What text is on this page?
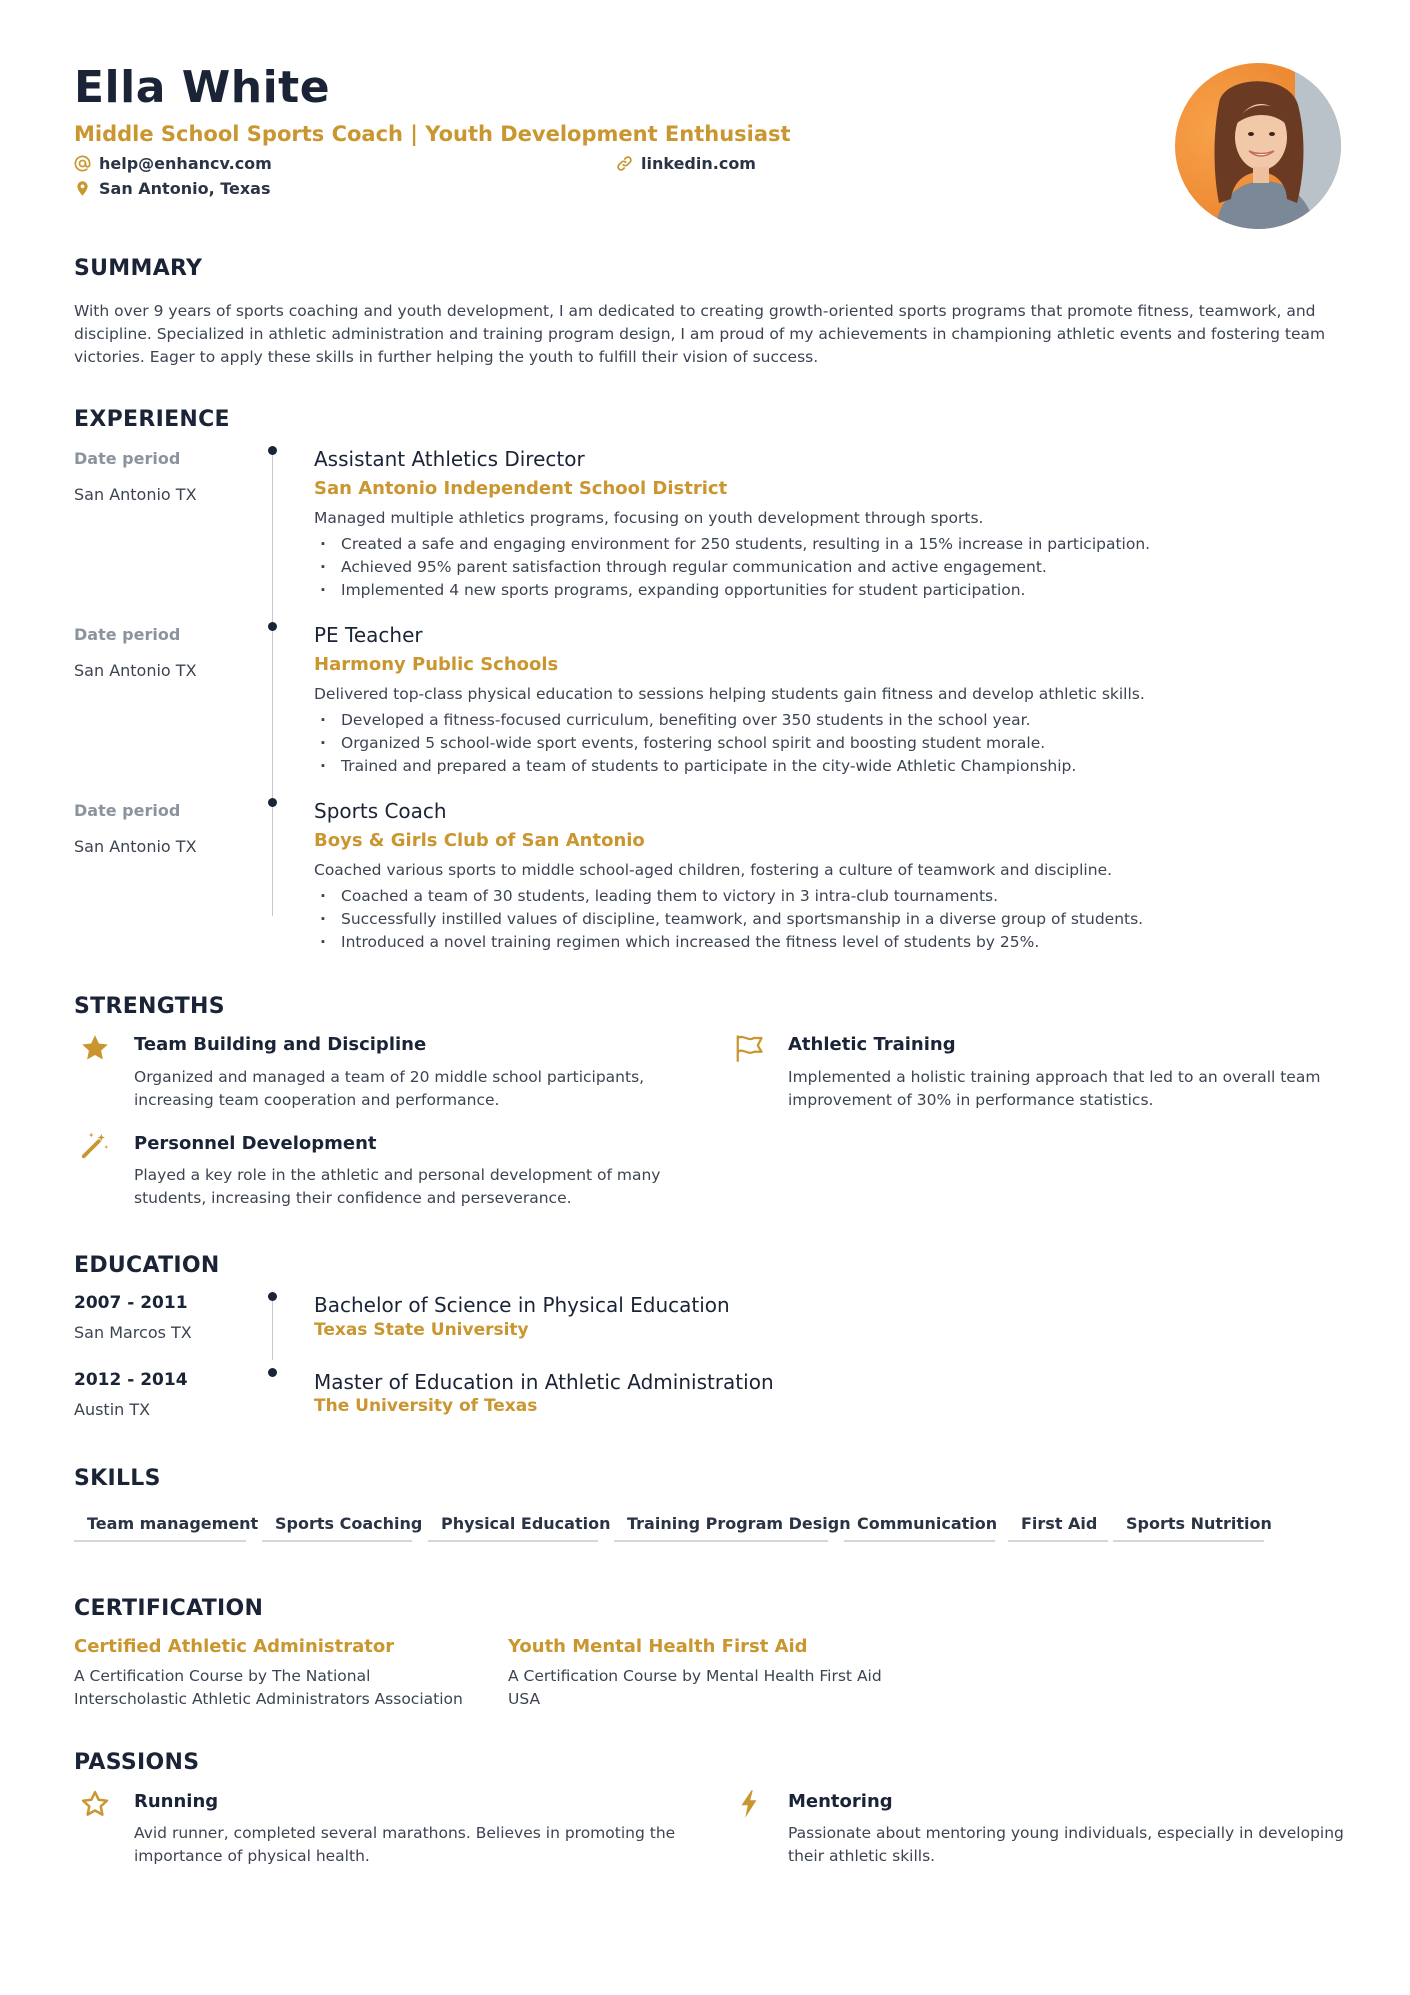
Ella White
Middle School Sports Coach | Youth Development Enthusiast
help@enhancv.com	linkedin.com
San Antonio, Texas
SUMMARY
With over 9 years of sports coaching and youth development, I am dedicated to creating growth-oriented sports programs that promote fitness, teamwork, and discipline. Specialized in athletic administration and training program design, I am proud of my achievements in championing athletic events and fostering team victories. Eager to apply these skills in further helping the youth to fulfill their vision of success.
EXPERIENCE
Date period
San Antonio TX
Assistant Athletics Director
San Antonio Independent School District
Managed multiple athletics programs, focusing on youth development through sports.
· Created a safe and engaging environment for 250 students, resulting in a 15% increase in participation.
· Achieved 95% parent satisfaction through regular communication and active engagement.
· Implemented 4 new sports programs, expanding opportunities for student participation.
Date period
San Antonio TX
PE Teacher
Harmony Public Schools
Delivered top-class physical education to sessions helping students gain fitness and develop athletic skills.
· Developed a fitness-focused curriculum, benefiting over 350 students in the school year.
· Organized 5 school-wide sport events, fostering school spirit and boosting student morale.
· Trained and prepared a team of students to participate in the city-wide Athletic Championship.
Date period
San Antonio TX
Sports Coach
Boys & Girls Club of San Antonio
Coached various sports to middle school-aged children, fostering a culture of teamwork and discipline.
· Coached a team of 30 students, leading them to victory in 3 intra-club tournaments.
· Successfully instilled values of discipline, teamwork, and sportsmanship in a diverse group of students.
· Introduced a novel training regimen which increased the fitness level of students by 25%.
STRENGTHS
Team Building and Discipline
Organized and managed a team of 20 middle school participants, increasing team cooperation and performance.
Athletic Training
Implemented a holistic training approach that led to an overall team improvement of 30% in performance statistics.
Personnel Development
Played a key role in the athletic and personal development of many students, increasing their confidence and perseverance.
EDUCATION
2007 - 2011
San Marcos TX
Bachelor of Science in Physical Education
Texas State University
2012 - 2014
Austin TX
Master of Education in Athletic Administration
The University of Texas
SKILLS
Team management	Sports Coaching	Physical Education	Training Program Design Communication	First Aid	Sports Nutrition
CERTIFICATION
Certified Athletic Administrator
A Certification Course by The National Interscholastic Athletic Administrators Association
Youth Mental Health First Aid
A Certification Course by Mental Health First Aid USA
PASSIONS
Running
Avid runner, completed several marathons. Believes in promoting the importance of physical health.
Mentoring
Passionate about mentoring young individuals, especially in developing their athletic skills.
